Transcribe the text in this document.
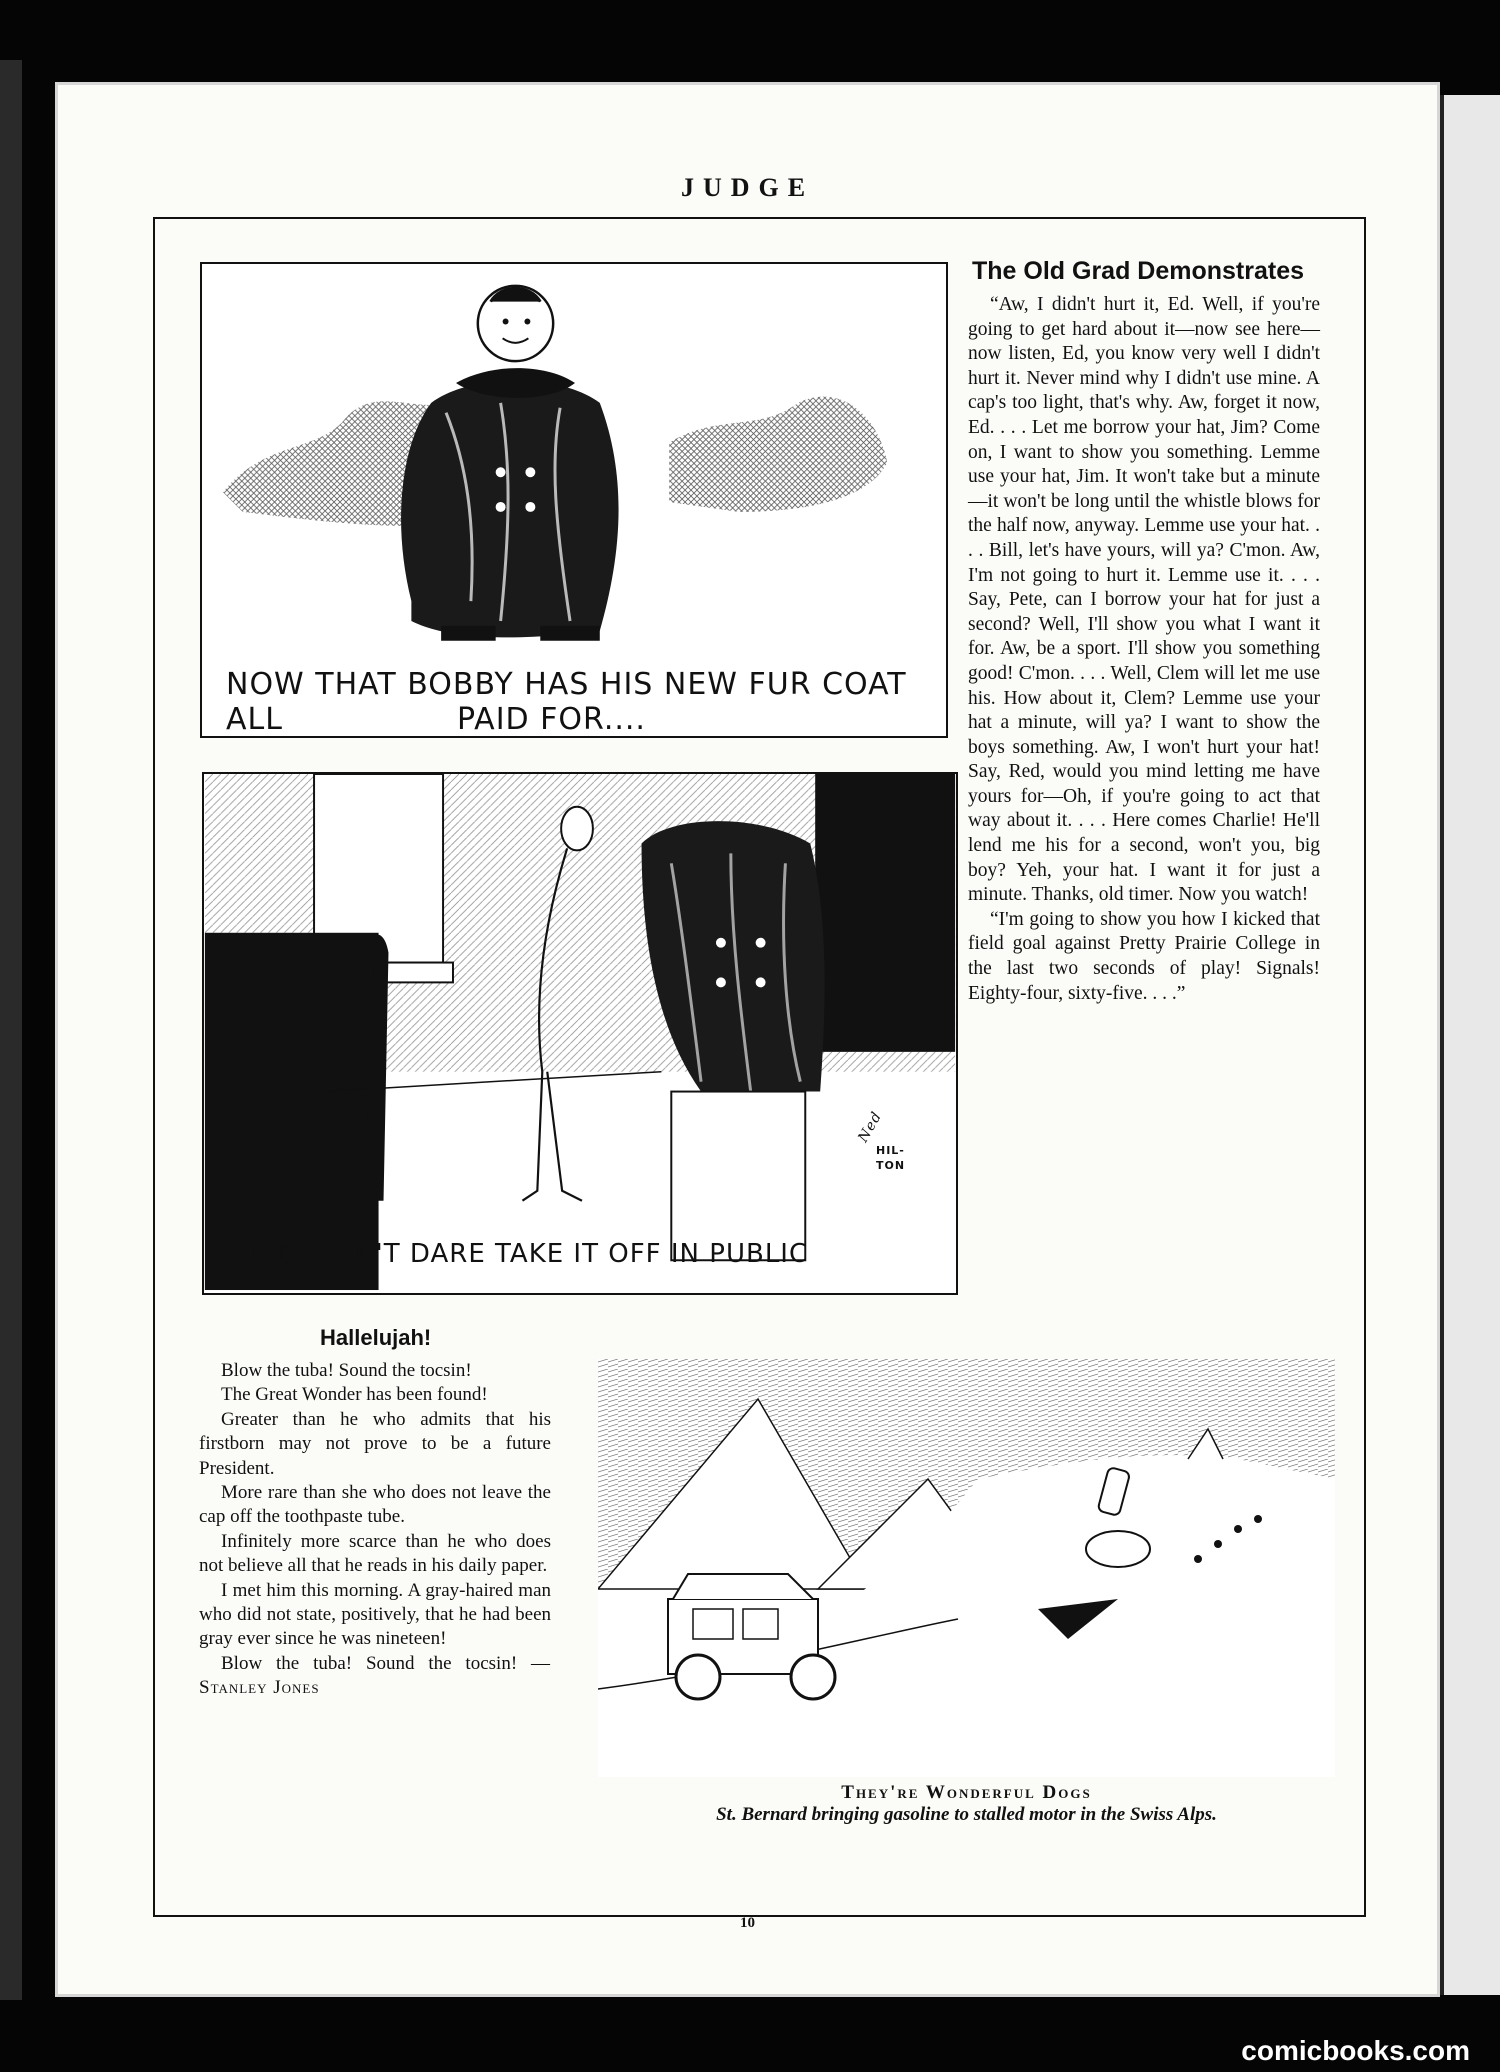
JUDGE
NOW THAT BOBBY HAS HIS NEW FUR COAT ALL	PAID FOR....
Ned
HIL-
TON
..HE DOESN'T DARE TAKE IT OFF IN PUBLIC
The Old Grad Demonstrates

“Aw, I didn't hurt it, Ed. Well, if you're going to get hard about it—now see here—now listen, Ed, you know very well I didn't hurt it. Never mind why I didn't use mine. A cap's too light, that's why. Aw, forget it now, Ed. . . . Let me borrow your hat, Jim? Come on, I want to show you something. Lemme use your hat, Jim. It won't take but a minute—it won't be long until the whistle blows for the half now, anyway. Lemme use your hat. . . . Bill, let's have yours, will ya? C'mon. Aw, I'm not going to hurt it. Lemme use it. . . . Say, Pete, can I borrow your hat for just a second? Well, I'll show you what I want it for. Aw, be a sport. I'll show you something good! C'mon. . . . Well, Clem will let me use his. How about it, Clem? Lemme use your hat a minute, will ya? I want to show the boys something. Aw, I won't hurt your hat! Say, Red, would you mind letting me have yours for—Oh, if you're going to act that way about it. . . . Here comes Charlie! He'll lend me his for a second, won't you, big boy? Yeh, your hat. I want it for just a minute. Thanks, old timer. Now you watch!

“I'm going to show you how I kicked that field goal against Pretty Prairie College in the last two seconds of play! Signals! Eighty-four, sixty-five. . . .”

Hallelujah!

Blow the tuba! Sound the tocsin!

The Great Wonder has been found!

Greater than he who admits that his firstborn may not prove to be a future President.

More rare than she who does not leave the cap off the toothpaste tube.

Infinitely more scarce than he who does not believe all that he reads in his daily paper.

I met him this morning. A gray-haired man who did not state, positively, that he had been gray ever since he was nineteen!

Blow the tuba! Sound the tocsin! —Stanley Jones

They're Wonderful Dogs
St. Bernard bringing gasoline to stalled motor in the Swiss Alps.
10
comicbooks.com
